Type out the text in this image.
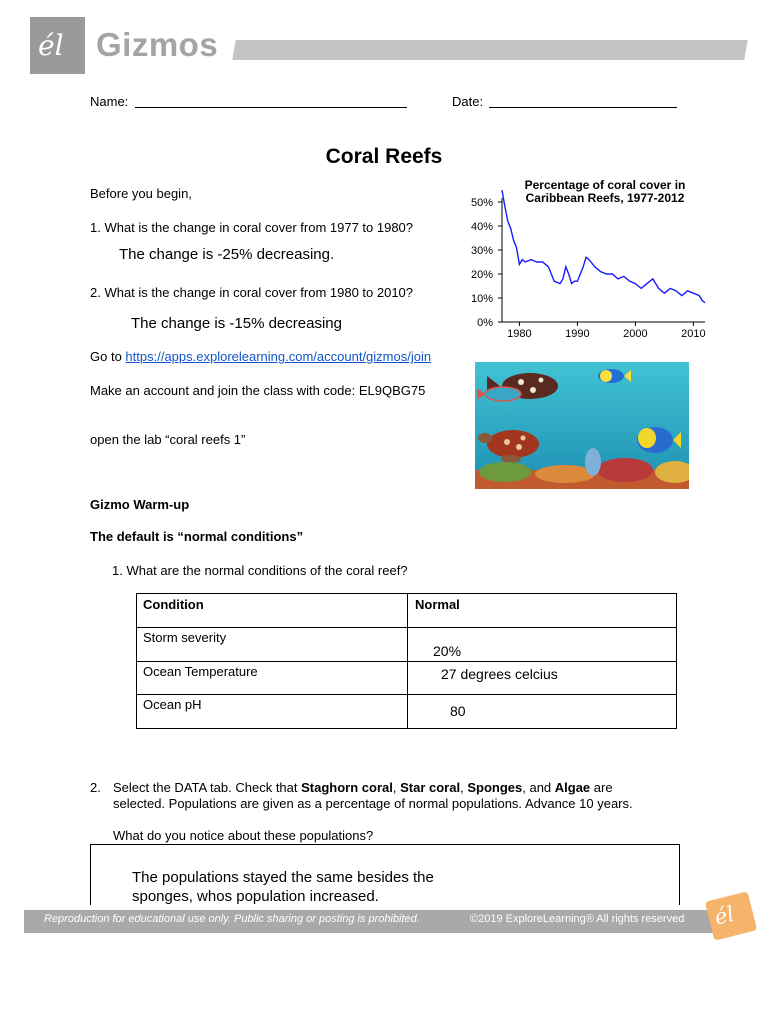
él Gizmos
Name:	Date:
Coral Reefs
Before you begin,
1. What is the change in coral cover from 1977 to 1980?
The change is -25% decreasing.
2. What is the change in coral cover from 1980 to 2010?
The change is -15% decreasing
Go to https://apps.explorelearning.com/account/gizmos/join
Make an account and join the class with code: EL9QBG75
open the lab “coral reefs 1”
Percentage of coral cover in Caribbean Reefs, 1977-2012
0%
10%
20%
30%
40%
50%
1980	1990	2000	2010
Gizmo Warm-up
The default is “normal conditions”
1. What are the normal conditions of the coral reef?
Condition	Normal

Storm severity	20%

Ocean Temperature	27 degrees celcius

Ocean pH	80
2. Select the DATA tab. Check that Staghorn coral, Star coral, Sponges, and Algae are
selected. Populations are given as a percentage of normal populations. Advance 10 years.
What do you notice about these populations?
The populations stayed the same besides the
sponges, whos population increased.
Reproduction for educational use only. Public sharing or posting is prohibited.	©2019 ExploreLearning® All rights reserved él
